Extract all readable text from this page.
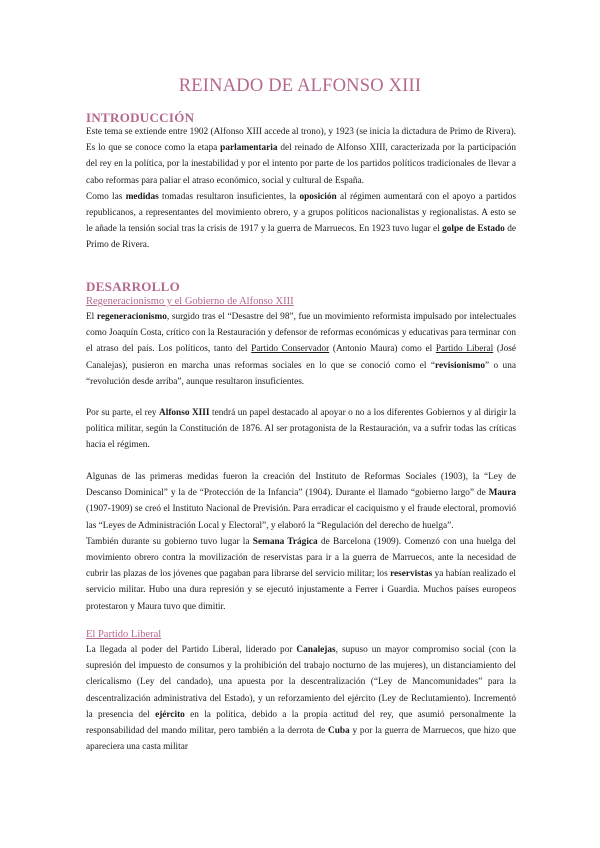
REINADO DE ALFONSO XIII
INTRODUCCIÓN

Este tema se extiende entre 1902 (Alfonso XIII accede al trono), y 1923 (se inicia la dictadura de Primo de Rivera). Es lo que se conoce como la etapa parlamentaria del reinado de Alfonso XIII, caracterizada por la participación del rey en la política, por la inestabilidad y por el intento por parte de los partidos políticos tradicionales de llevar a cabo reformas para paliar el atraso económico, social y cultural de España.

Como las medidas tomadas resultaron insuficientes, la oposición al régimen aumentará con el apoyo a partidos republicanos, a representantes del movimiento obrero, y a grupos políticos nacionalistas y regionalistas. A esto se le añade la tensión social tras la crisis de 1917 y la guerra de Marruecos. En 1923 tuvo lugar el golpe de Estado de Primo de Rivera.

DESARROLLO
Regeneracionismo y el Gobierno de Alfonso XIII

El regeneracionismo, surgido tras el “Desastre del 98”, fue un movimiento reformista impulsado por intelectuales como Joaquín Costa, crítico con la Restauración y defensor de reformas económicas y educativas para terminar con el atraso del país. Los políticos, tanto del Partido Conservador (Antonio Maura) como el Partido Liberal (José Canalejas), pusieron en marcha unas reformas sociales en lo que se conoció como el “revisionismo” o una “revolución desde arriba”, aunque resultaron insuficientes.

Por su parte, el rey Alfonso XIII tendrá un papel destacado al apoyar o no a los diferentes Gobiernos y al dirigir la política militar, según la Constitución de 1876. Al ser protagonista de la Restauración, va a sufrir todas las críticas hacia el régimen.

Algunas de las primeras medidas fueron la creación del Instituto de Reformas Sociales (1903), la “Ley de Descanso Dominical” y la de “Protección de la Infancia” (1904). Durante el llamado “gobierno largo” de Maura (1907-1909) se creó el Instituto Nacional de Previsión. Para erradicar el caciquismo y el fraude electoral, promovió las “Leyes de Administración Local y Electoral”, y elaboró la “Regulación del derecho de huelga”.

También durante su gobierno tuvo lugar la Semana Trágica de Barcelona (1909). Comenzó con una huelga del movimiento obrero contra la movilización de reservistas para ir a la guerra de Marruecos, ante la necesidad de cubrir las plazas de los jóvenes que pagaban para librarse del servicio militar; los reservistas ya habían realizado el servicio militar. Hubo una dura represión y se ejecutó injustamente a Ferrer i Guardia. Muchos países europeos protestaron y Maura tuvo que dimitir.

El Partido Liberal

La llegada al poder del Partido Liberal, liderado por Canalejas, supuso un mayor compromiso social (con la supresión del impuesto de consumos y la prohibición del trabajo nocturno de las mujeres), un distanciamiento del clericalismo (Ley del candado), una apuesta por la descentralización (“Ley de Mancomunidades” para la descentralización administrativa del Estado), y un reforzamiento del ejército (Ley de Reclutamiento). Incrementó la presencia del ejército en la política, debido a la propia actitud del rey, que asumió personalmente la responsabilidad del mando militar, pero también a la derrota de Cuba y por la guerra de Marruecos, que hizo que apareciera una casta militar
